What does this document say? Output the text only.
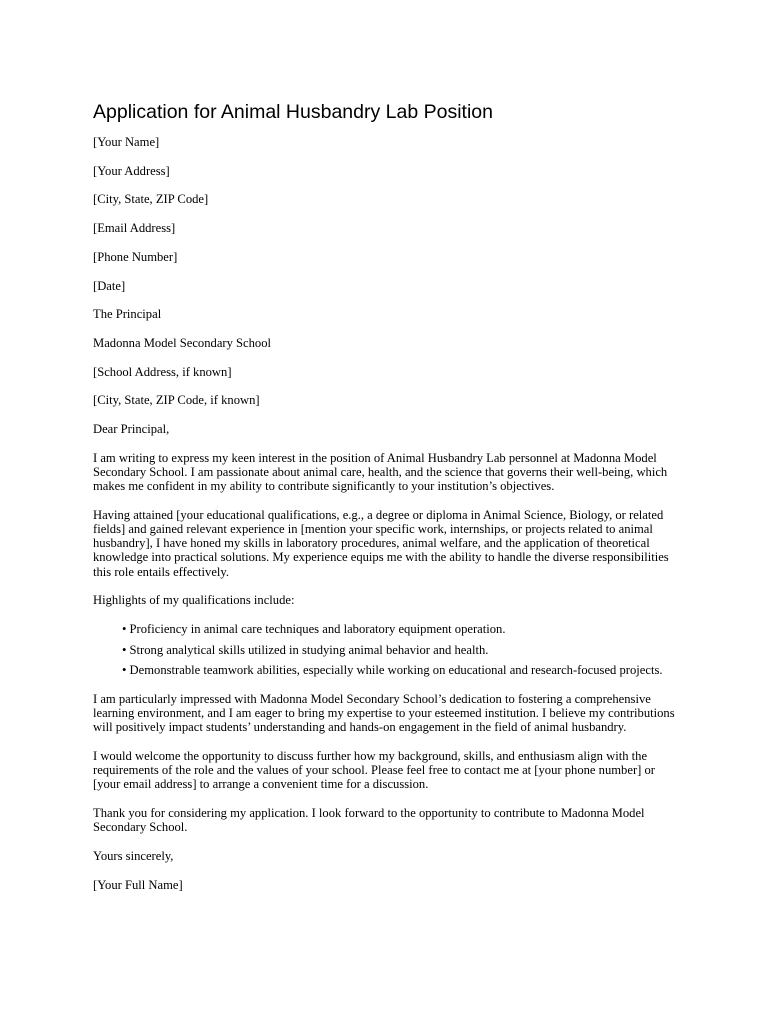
Application for Animal Husbandry Lab Position
[Your Name]
[Your Address]
[City, State, ZIP Code]
[Email Address]
[Phone Number]
[Date]
The Principal
Madonna Model Secondary School
[School Address, if known]
[City, State, ZIP Code, if known]
Dear Principal,

I am writing to express my keen interest in the position of Animal Husbandry Lab personnel at Madonna Model Secondary School. I am passionate about animal care, health, and the science that governs their well-being, which makes me confident in my ability to contribute significantly to your institution’s objectives.

Having attained [your educational qualifications, e.g., a degree or diploma in Animal Science, Biology, or related fields] and gained relevant experience in [mention your specific work, internships, or projects related to animal husbandry], I have honed my skills in laboratory procedures, animal welfare, and the application of theoretical knowledge into practical solutions. My experience equips me with the ability to handle the diverse responsibilities this role entails effectively.

Highlights of my qualifications include:

• Proficiency in animal care techniques and laboratory equipment operation.
• Strong analytical skills utilized in studying animal behavior and health.
• Demonstrable teamwork abilities, especially while working on educational and research-focused projects.

I am particularly impressed with Madonna Model Secondary School’s dedication to fostering a comprehensive learning environment, and I am eager to bring my expertise to your esteemed institution. I believe my contributions will positively impact students’ understanding and hands-on engagement in the field of animal husbandry.

I would welcome the opportunity to discuss further how my background, skills, and enthusiasm align with the requirements of the role and the values of your school. Please feel free to contact me at [your phone number] or [your email address] to arrange a convenient time for a discussion.

Thank you for considering my application. I look forward to the opportunity to contribute to Madonna Model Secondary School.

Yours sincerely,
[Your Full Name]
